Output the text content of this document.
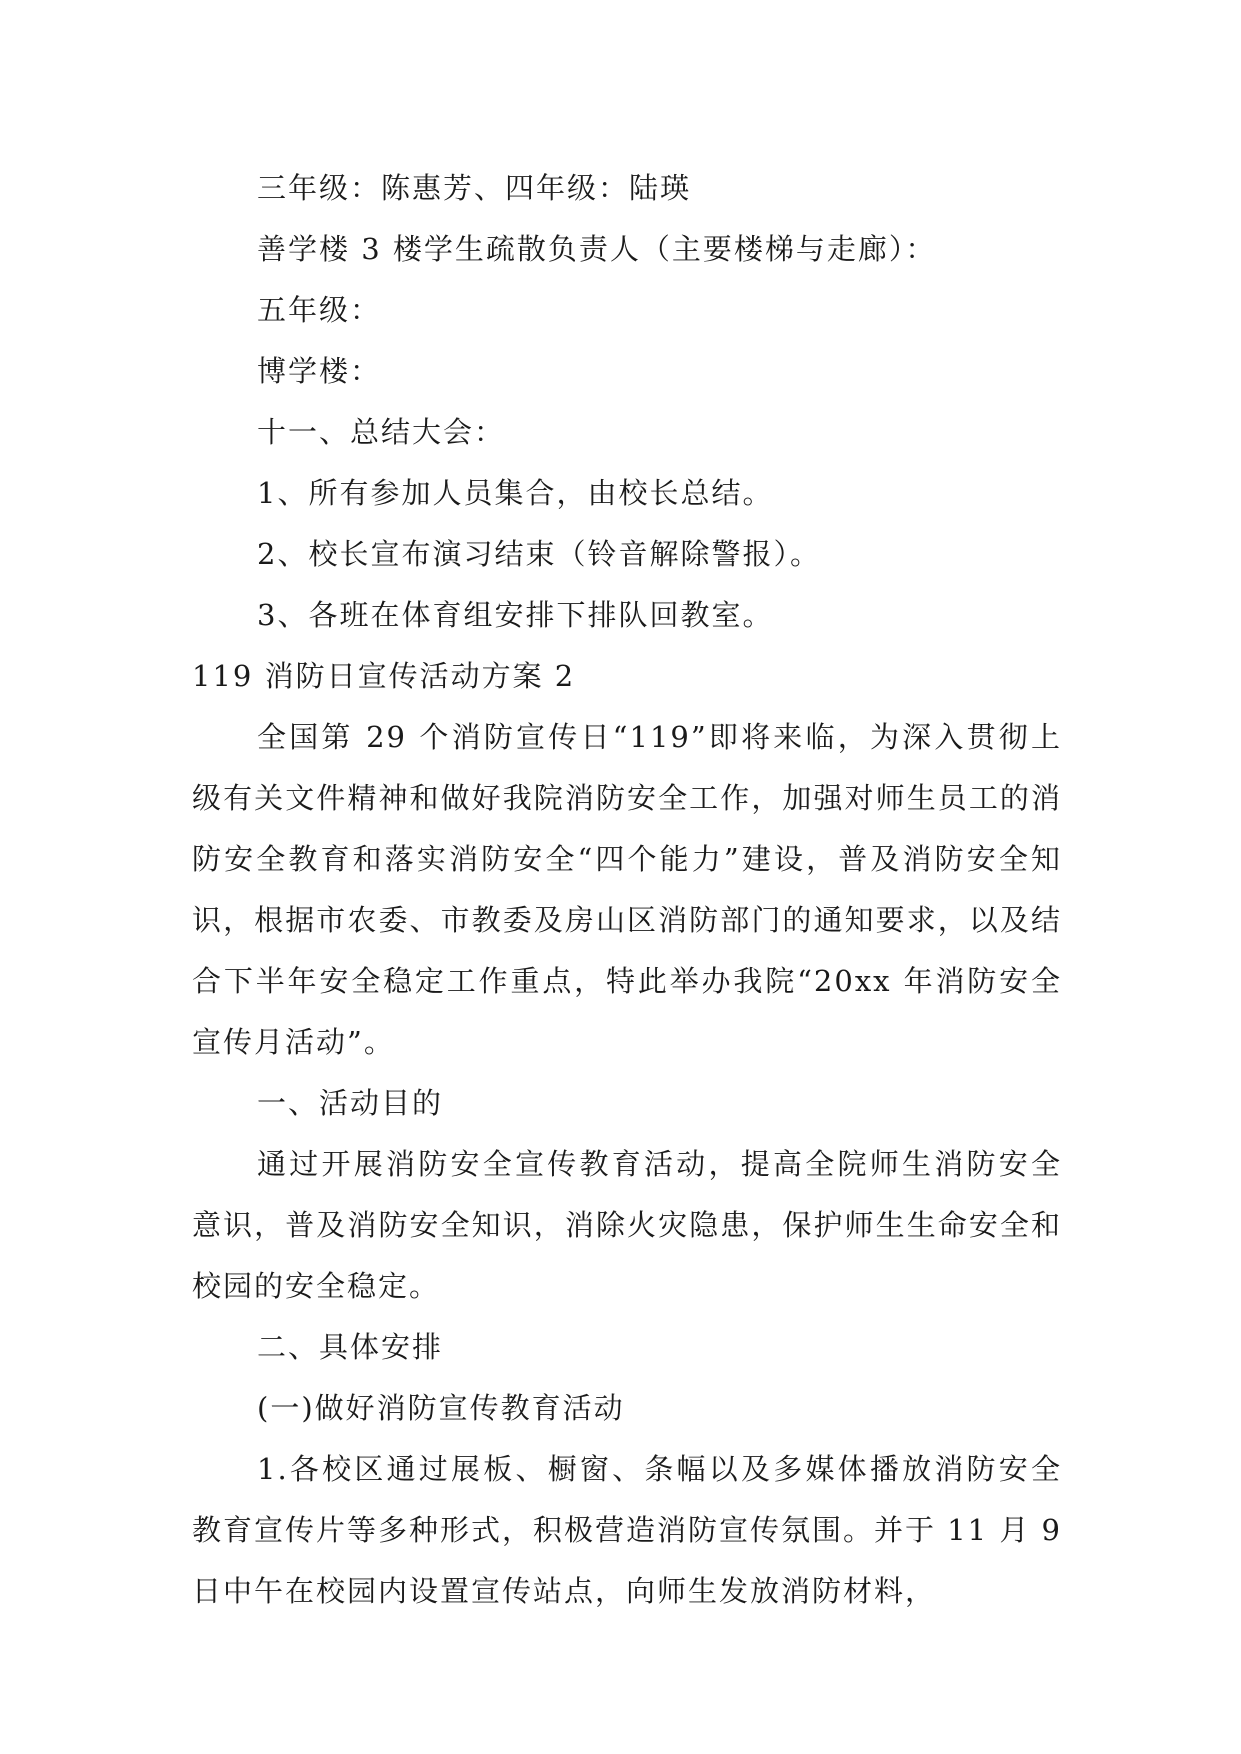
三年级：陈惠芳、四年级：陆瑛

善学楼 3 楼学生疏散负责人（主要楼梯与走廊）：

五年级：

博学楼：

十一、总结大会：

1、所有参加人员集合，由校长总结。

2、校长宣布演习结束（铃音解除警报）。

3、各班在体育组安排下排队回教室。

119 消防日宣传活动方案 2

全国第 29 个消防宣传日“119”即将来临，为深入贯彻上级有关文件精神和做好我院消防安全工作，加强对师生员工的消防安全教育和落实消防安全“四个能力”建设，普及消防安全知识，根据市农委、市教委及房山区消防部门的通知要求，以及结合下半年安全稳定工作重点，特此举办我院“20xx 年消防安全宣传月活动”。

一、活动目的

通过开展消防安全宣传教育活动，提高全院师生消防安全意识，普及消防安全知识，消除火灾隐患，保护师生生命安全和校园的安全稳定。

二、具体安排

(一)做好消防宣传教育活动

1.各校区通过展板、橱窗、条幅以及多媒体播放消防安全教育宣传片等多种形式，积极营造消防宣传氛围。并于 11 月 9 日中午在校园内设置宣传站点，向师生发放消防材料，
